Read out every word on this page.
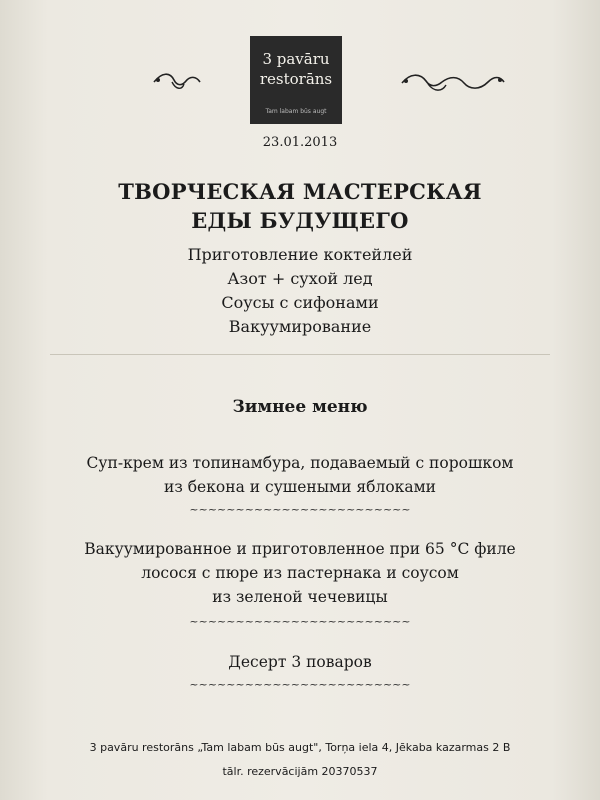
3 pavāru
restorāns
Tam labam būs augt
23.01.2013
ТВОРЧЕСКАЯ МАСТЕРСКАЯ
ЕДЫ БУДУЩЕГО
Приготовление коктейлей
Азот + сухой лед
Соусы с сифонами
Вакуумирование
Зимнее меню
Суп-крем из топинамбура, подаваемый с порошком
из бекона и сушеными яблоками
~~~~~~~~~~~~~~~~~~~~~~~~
Вакуумированное и приготовленное при 65 °С филе
лосося с пюре из пастернака и соусом
из зеленой чечевицы
~~~~~~~~~~~~~~~~~~~~~~~~
Десерт 3 поваров
~~~~~~~~~~~~~~~~~~~~~~~~
3 pavāru restorāns „Tam labam būs augt", Torņa iela 4, Jēkaba kazarmas 2 B
tālr. rezervācijām 20370537
